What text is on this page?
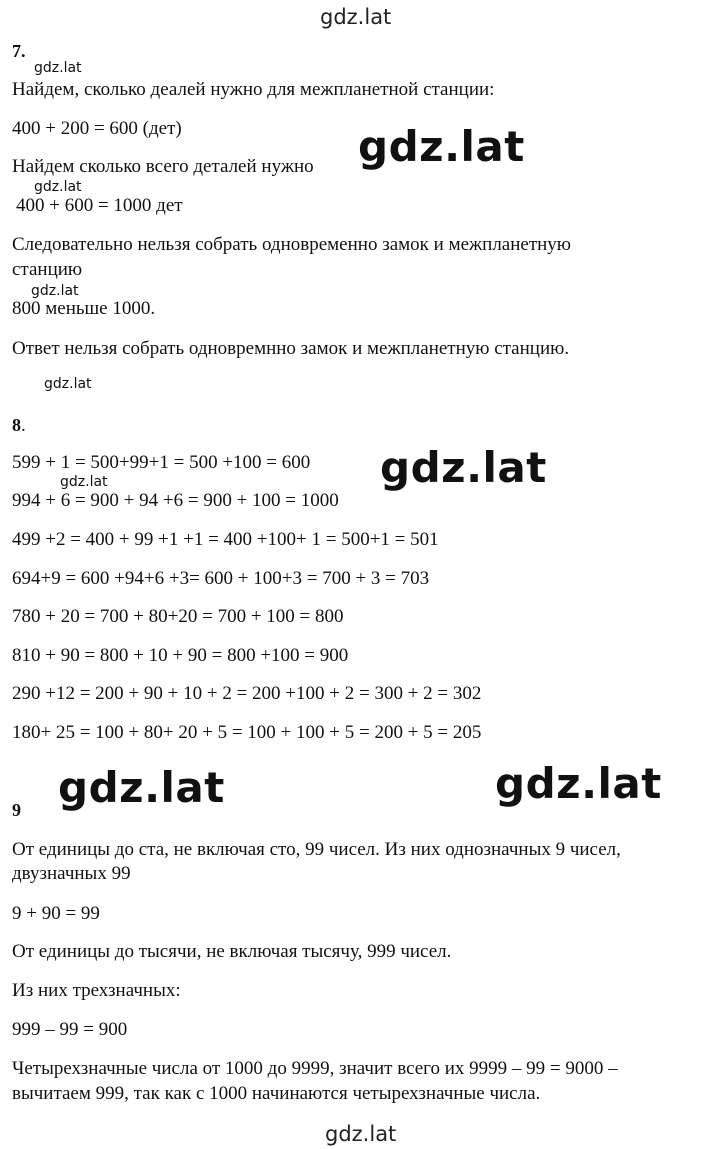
gdz.lat
gdz.lat
gdz.lat
gdz.lat
gdz.lat
gdz.lat
gdz.lat
gdz.lat
gdz.lat	gdz.lat
gdz.lat

7.

Найдем, сколько деалей нужно для межпланетной станции:

400 + 200 = 600 (дет)

Найдем сколько всего деталей нужно

400 + 600 = 1000 дет

Следовательно нельзя собрать одновременно замок и межпланетную

станцию

800 меньше 1000.

Ответ нельзя собрать одновремнно замок и межпланетную станцию.

8.

599 + 1 = 500+99+1 = 500 +100 = 600

994 + 6 = 900 + 94 +6 = 900 + 100 = 1000

499 +2 = 400 + 99 +1 +1 = 400 +100+ 1 = 500+1 = 501

694+9 = 600 +94+6 +3= 600 + 100+3 = 700 + 3 = 703

780 + 20 = 700 + 80+20 = 700 + 100 = 800

810 + 90 = 800 + 10 + 90 = 800 +100 = 900

290 +12 = 200 + 90 + 10 + 2 = 200 +100 + 2 = 300 + 2 = 302

180+ 25 = 100 + 80+ 20 + 5 = 100 + 100 + 5 = 200 + 5 = 205

9

От единицы до ста, не включая сто, 99 чисел. Из них однозначных 9 чисел,

двузначных 99

9 + 90 = 99

От единицы до тысячи, не включая тысячу, 999 чисел.

Из них трехзначных:

999 – 99 = 900

Четырехзначные числа от 1000 до 9999, значит всего их 9999 – 99 = 9000 –

вычитаем 999, так как с 1000 начинаются четырехзначные числа.
